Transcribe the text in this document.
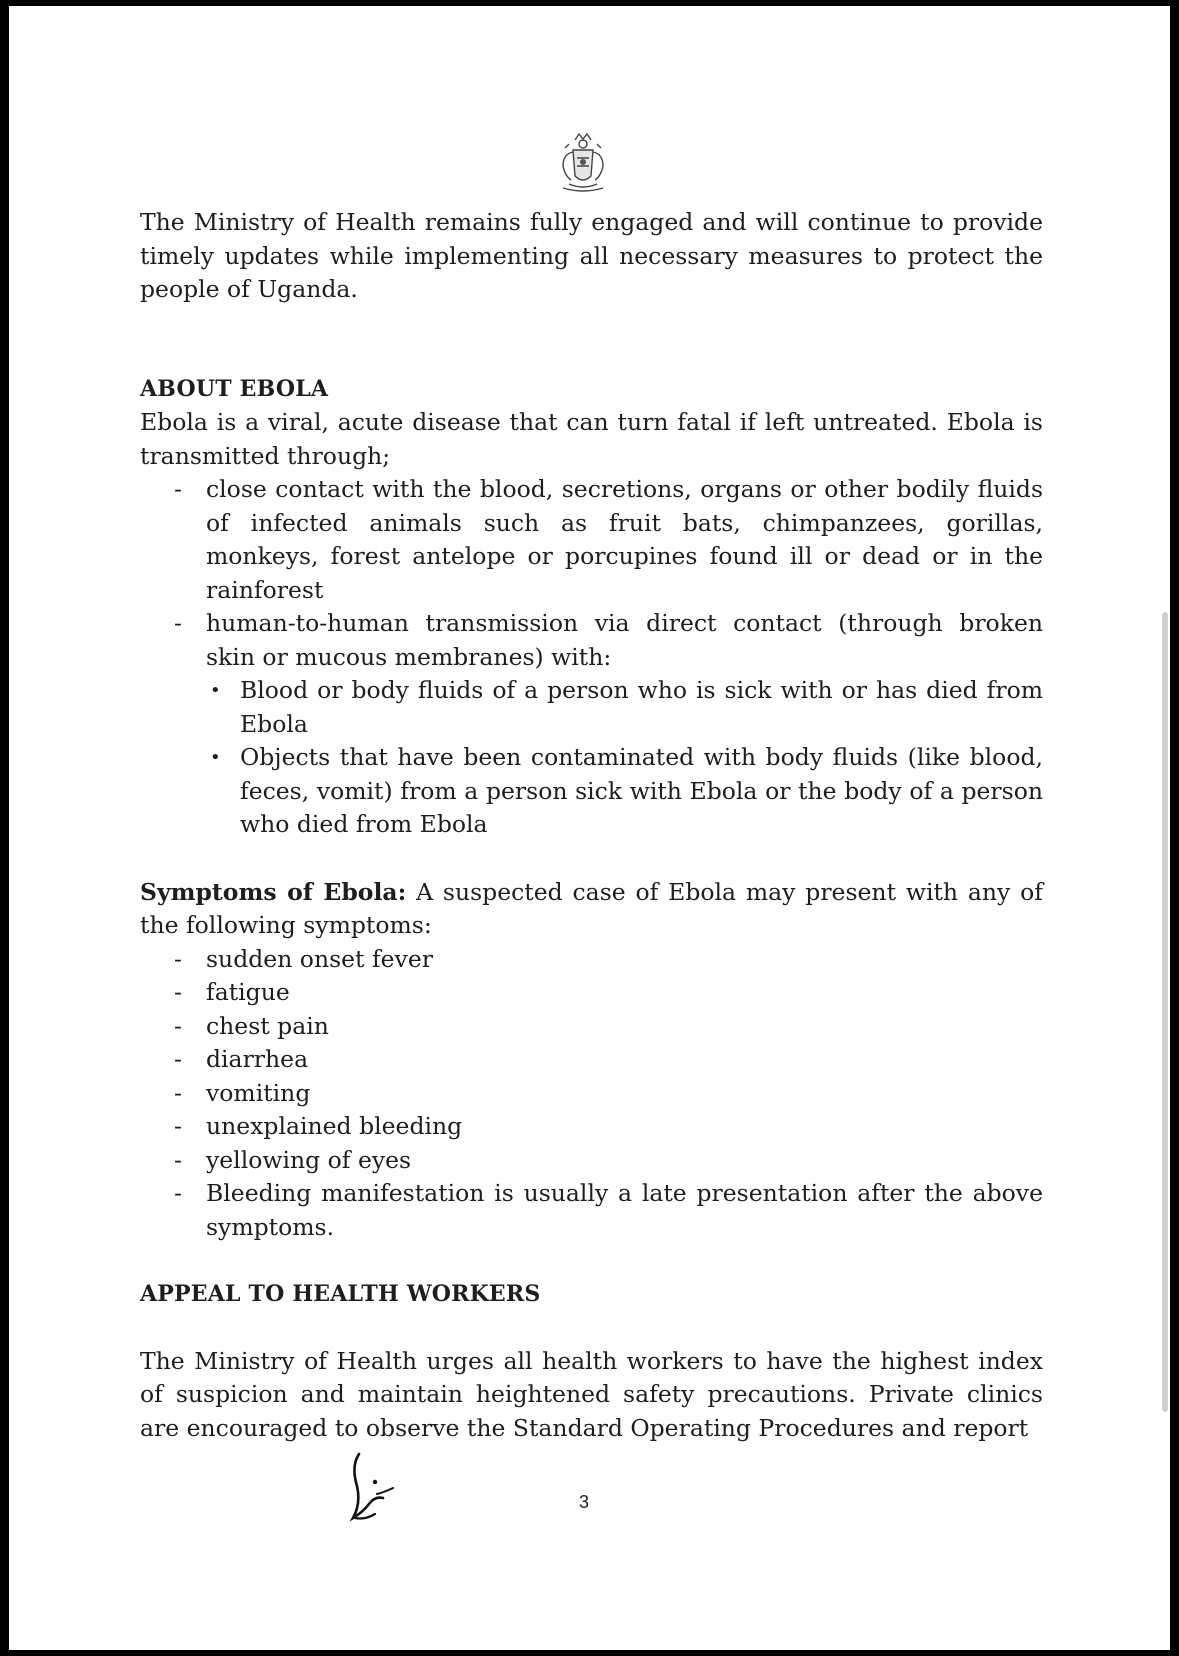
The Ministry of Health remains fully engaged and will continue to provide timely updates while implementing all necessary measures to protect the people of Uganda.

ABOUT EBOLA

Ebola is a viral, acute disease that can turn fatal if left untreated. Ebola is transmitted through;

- close contact with the blood, secretions, organs or other bodily fluids of infected animals such as fruit bats, chimpanzees, gorillas, monkeys, forest antelope or porcupines found ill or dead or in the rainforest
- human-to-human transmission via direct contact (through broken skin or mucous membranes) with:
• Blood or body fluids of a person who is sick with or has died from Ebola
• Objects that have been contaminated with body fluids (like blood, feces, vomit) from a person sick with Ebola or the body of a person who died from Ebola

Symptoms of Ebola: A suspected case of Ebola may present with any of the following symptoms:

- sudden onset fever
- fatigue
- chest pain
- diarrhea
- vomiting
- unexplained bleeding
- yellowing of eyes
- Bleeding manifestation is usually a late presentation after the above symptoms.
APPEAL TO HEALTH WORKERS

The Ministry of Health urges all health workers to have the highest index of suspicion and maintain heightened safety precautions. Private clinics are encouraged to observe the Standard Operating Procedures and report

3
